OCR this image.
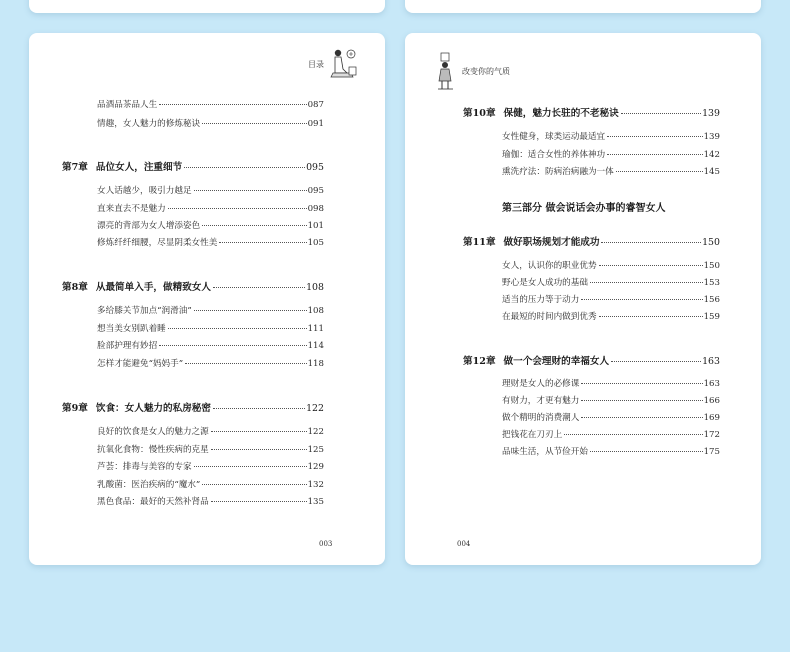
目录
品酒品茶品人生	087
情趣，女人魅力的修炼秘诀	091
第7章 品位女人，注重细节	095
女人话越少，吸引力越足	095
直来直去不是魅力	098
漂亮的背部为女人增添姿色	101
修炼纤纤细腰，尽显阴柔女性美	105
第8章 从最简单入手，做精致女人	108
多给膝关节加点“润滑油”	108
想当美女别趴着睡	111
脸部护理有妙招	114
怎样才能避免“妈妈手”	118
第9章 饮食：女人魅力的私房秘密	122
良好的饮食是女人的魅力之源	122
抗氧化食物：慢性疾病的克星	125
芦荟：排毒与美容的专家	129
乳酸菌：医治疾病的“魔水”	132
黑色食品：最好的天然补肾品	135
003
改变你的气质
第10章 保健，魅力长驻的不老秘诀	139
女性健身，球类运动最适宜	139
瑜伽：适合女性的养体神功	142
熏洗疗法：防病治病融为一体	145
第三部分 做会说话会办事的睿智女人
第11章 做好职场规划才能成功	150
女人，认识你的职业优势	150
野心是女人成功的基础	153
适当的压力等于动力	156
在最短的时间内做到优秀	159
第12章 做一个会理财的幸福女人	163
理财是女人的必修课	163
有财力，才更有魅力	166
做个精明的消费潮人	169
把钱花在刀刃上	172
品味生活，从节俭开始	175
004
